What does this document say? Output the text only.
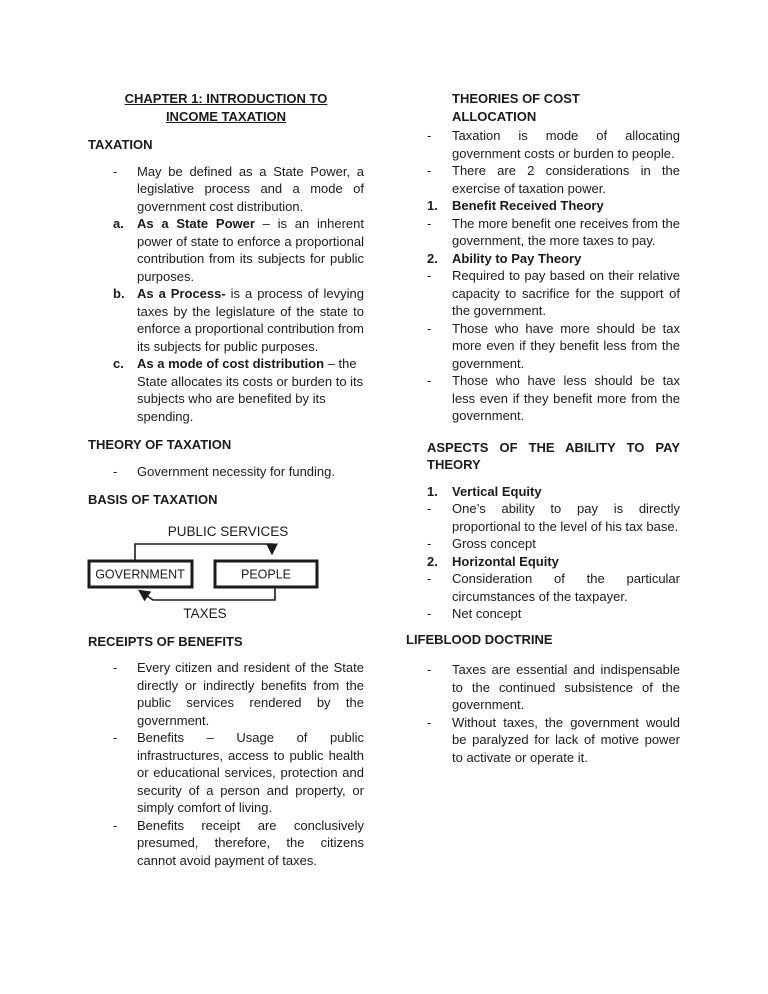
CHAPTER 1: INTRODUCTION TO INCOME TAXATION
TAXATION
-	May be defined as a State Power, a legislative process and a mode of government cost distribution.
a.	As a State Power – is an inherent power of state to enforce a proportional contribution from its subjects for public purposes.
b. As a Process- is a process of levying taxes by the legislature of the state to enforce a proportional contribution from its subjects for public purposes.
c.	As a mode of cost distribution – the State allocates its costs or burden to its subjects who are benefited by its spending.
THEORY OF TAXATION
-	Government necessity for funding.
BASIS OF TAXATION
PUBLIC SERVICES
GOVERNMENT	PEOPLE
TAXES
RECEIPTS OF BENEFITS
-	Every citizen and resident of the State directly or indirectly benefits from the public services rendered by the government.
-	Benefits – Usage of public infrastructures, access to public health or educational services, protection and security of a person and property, or simply comfort of living.
-	Benefits receipt are conclusively presumed, therefore, the citizens cannot avoid payment of taxes.
THEORIES OF COST ALLOCATION
-	Taxation is mode of allocating government costs or burden to people.
-	There are 2 considerations in the exercise of taxation power.
1.	Benefit Received Theory
-	The more benefit one receives from the government, the more taxes to pay.
2.	Ability to Pay Theory
-	Required to pay based on their relative capacity to sacrifice for the support of the government.
-	Those who have more should be tax more even if they benefit less from the government.
-	Those who have less should be tax less even if they benefit more from the government.
ASPECTS OF THE ABILITY TO PAY THEORY
1.	Vertical Equity
-	One’s ability to pay is directly proportional to the level of his tax base.
-	Gross concept
2.	Horizontal Equity
-	Consideration of the particular circumstances of the taxpayer.
-	Net concept
LIFEBLOOD DOCTRINE
-	Taxes are essential and indispensable to the continued subsistence of the government.
-	Without taxes, the government would be paralyzed for lack of motive power to activate or operate it.
